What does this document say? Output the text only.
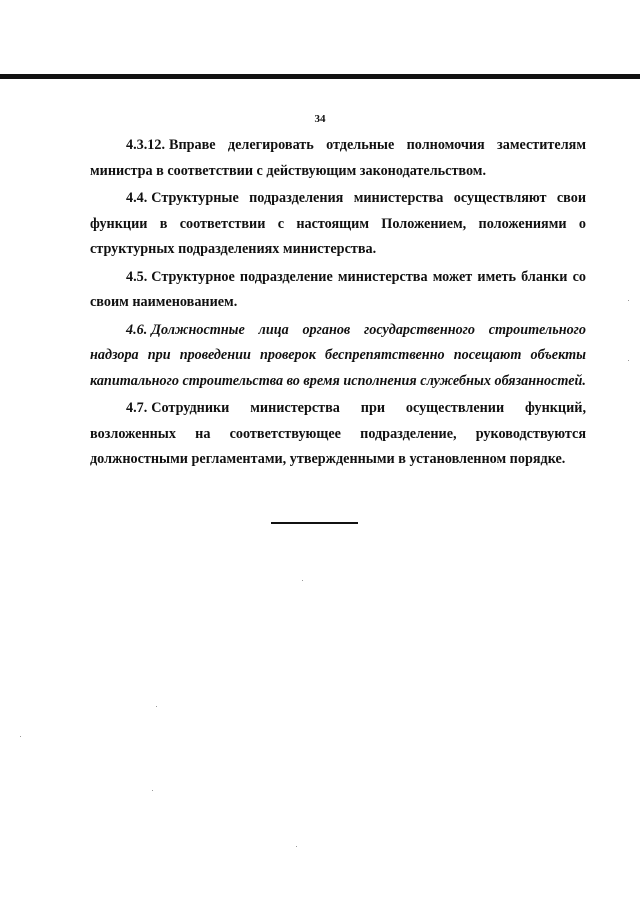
34

4.3.12. Вправе делегировать отдельные полномочия заместителям министра в соответствии с действующим законодательством.

4.4. Структурные подразделения министерства осуществляют свои функции в соответствии с настоящим Положением, положениями о структурных подразделениях министерства.

4.5. Структурное подразделение министерства может иметь бланки со своим наименованием.

4.6. Должностные лица органов государственного строительного надзора при проведении проверок беспрепятственно посещают объекты капитального строительства во время исполнения служебных обязанностей.

4.7. Сотрудники министерства при осуществлении функций, возложенных на соответствующее подразделение, руководствуются должностными регламентами, утвержденными в установленном порядке.
